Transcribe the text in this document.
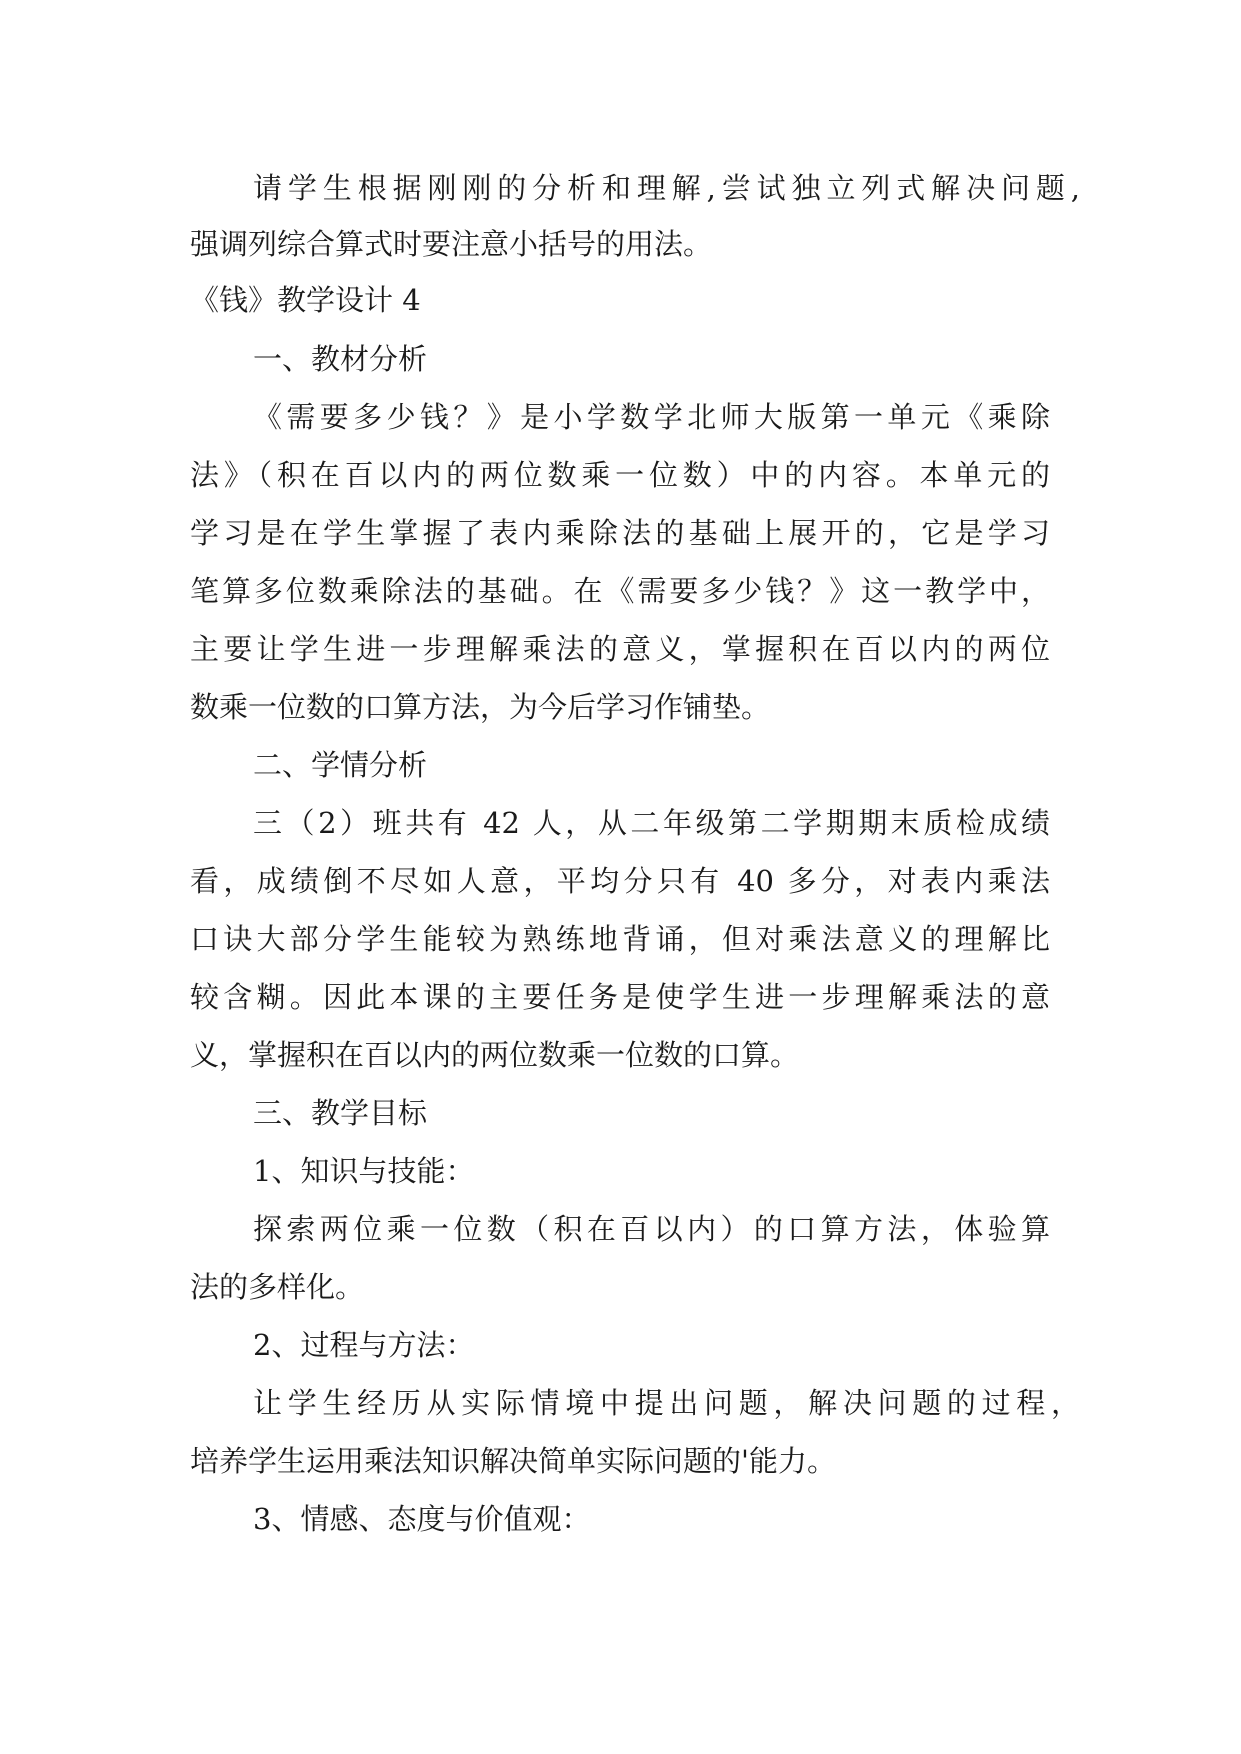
请学生根据刚刚的分析和理解,尝试独立列式解决问题,
强调列综合算式时要注意小括号的用法。
《钱》教学设计 4
一、教材分析
《需要多少钱？》是小学数学北师大版第一单元《乘除
法》（积在百以内的两位数乘一位数）中的内容。本单元的
学习是在学生掌握了表内乘除法的基础上展开的，它是学习
笔算多位数乘除法的基础。在《需要多少钱？》这一教学中，
主要让学生进一步理解乘法的意义，掌握积在百以内的两位
数乘一位数的口算方法，为今后学习作铺垫。
二、学情分析
三（2）班共有 42 人，从二年级第二学期期末质检成绩
看，成绩倒不尽如人意，平均分只有 40 多分，对表内乘法
口诀大部分学生能较为熟练地背诵，但对乘法意义的理解比
较含糊。因此本课的主要任务是使学生进一步理解乘法的意
义，掌握积在百以内的两位数乘一位数的口算。
三、教学目标
1、知识与技能：
探索两位乘一位数（积在百以内）的口算方法，体验算
法的多样化。
2、过程与方法：
让学生经历从实际情境中提出问题，解决问题的过程，
培养学生运用乘法知识解决简单实际问题的'能力。
3、情感、态度与价值观：
